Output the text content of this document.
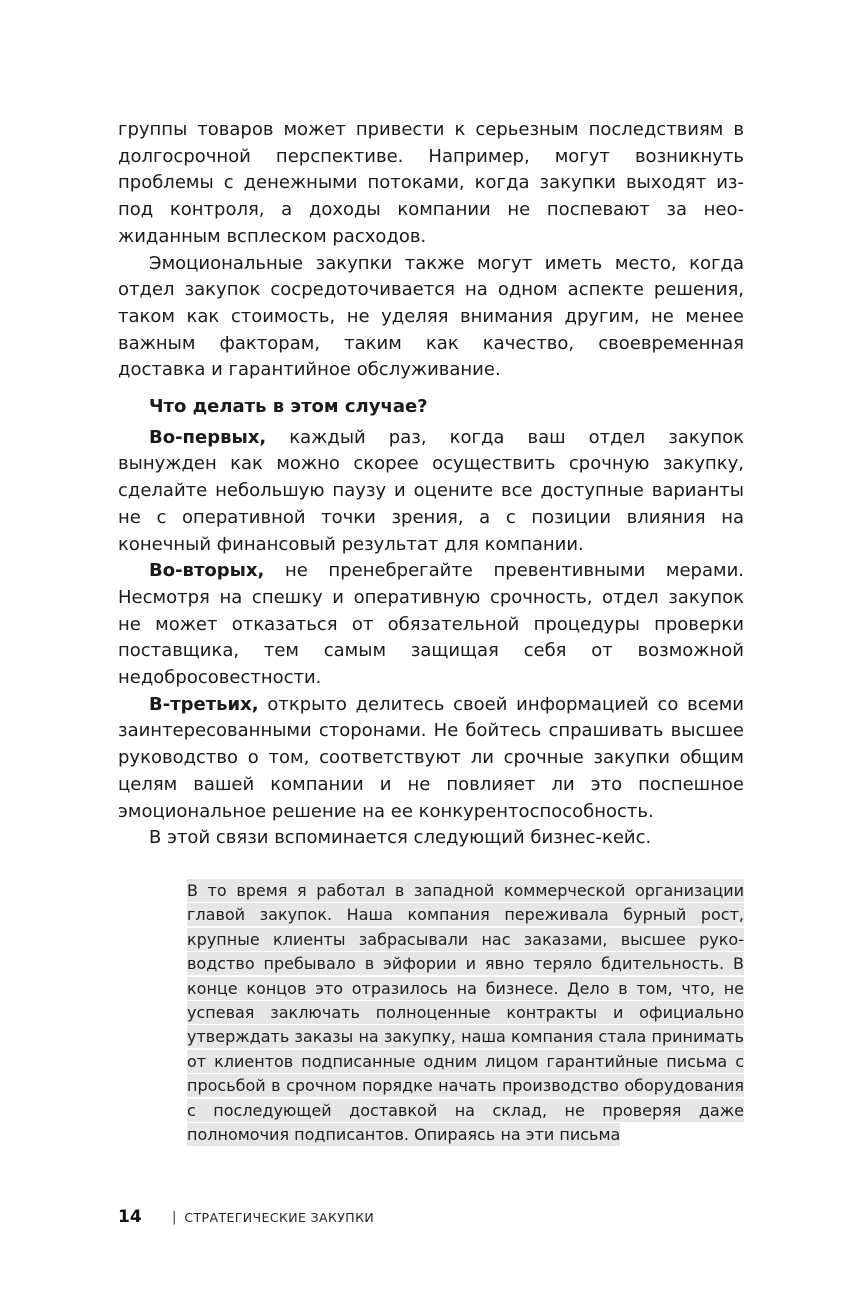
группы товаров может привести к серьезным последствиям в долгосрочной перспективе. Например, могут возникнуть проблемы с денежными потоками, когда закупки выходят из-под контроля, а доходы компании не поспевают за неожиданным всплеском расходов.

Эмоциональные закупки также могут иметь место, когда отдел закупок сосредоточивается на одном аспекте решения, таком как стоимость, не уделяя внимания другим, не менее важным факторам, таким как качество, своевременная доставка и гарантийное обслуживание.

Что делать в этом случае?

Во-первых, каждый раз, когда ваш отдел закупок вынужден как можно скорее осуществить срочную закупку, сделайте небольшую паузу и оцените все доступные варианты не с оперативной точки зрения, а с позиции влияния на конечный финансовый результат для компании.

Во-вторых, не пренебрегайте превентивными мерами. Несмотря на спешку и оперативную срочность, отдел закупок не может отказаться от обязательной процедуры проверки поставщика, тем самым защищая себя от возможной недобросовестности.

В-третьих, открыто делитесь своей информацией со всеми заинтересованными сторонами. Не бойтесь спрашивать высшее руководство о том, соответствуют ли срочные закупки общим целям вашей компании и не повлияет ли это поспешное эмоциональное решение на ее конкурентоспособность.

В этой связи вспоминается следующий бизнес-кейс.

В то время я работал в западной коммерческой организации главой закупок. Наша компания переживала бурный рост, крупные клиенты забрасывали нас заказами, высшее руководство пребывало в эйфории и явно теряло бдительность. В конце концов это отразилось на бизнесе. Дело в том, что, не успевая заключать полноценные контракты и официально утверждать заказы на закупку, наша компания стала принимать от клиентов подписанные одним лицом гарантийные письма с просьбой в срочном порядке начать производство оборудования с последующей доставкой на склад, не проверяя даже полномочия подписантов. Опираясь на эти письма

14	| СТРАТЕГИЧЕСКИЕ ЗАКУПКИ
